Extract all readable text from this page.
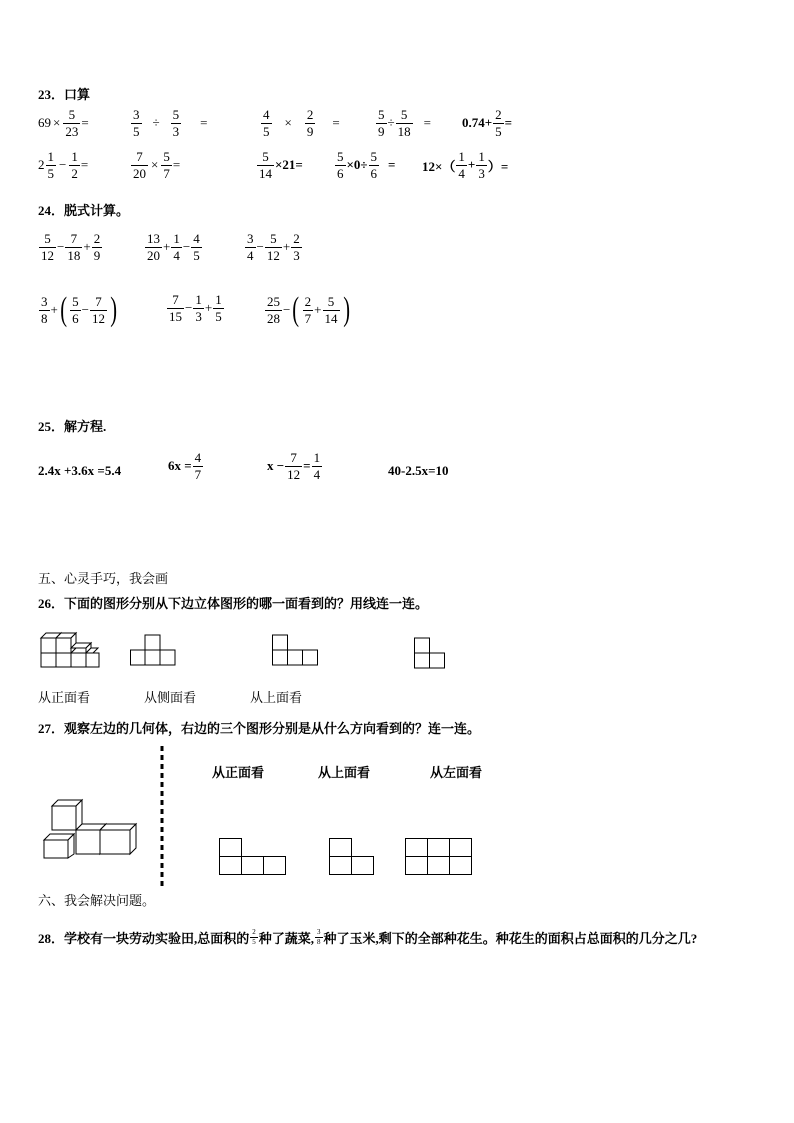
23．口算
$69 \times \frac{5}{23}$ =	$\frac{3}{5} \div \frac{5}{3}$ =	$\frac{4}{5} \times \frac{2}{9}$ =	$\frac{5}{9} \div \frac{5}{18} = 0.74+ \frac{2}{5}$ =
2
1
5
− $\frac{1}{2}$ =	$\frac{7}{20} \times \frac{5}{7}$ =	$\frac{5}{14} \times 21= \frac{5}{6} \times 0\div \frac{5}{6} = 12\times$（
1
4
+ $\frac{1}{3}$ ）=
24．脱式计算。
5
12
− $\frac{7}{18} + \frac{2}{9}$	13
20
+ $\frac{1}{4} - \frac{4}{5}$	3
4
− $\frac{5}{12} + \frac{2}{3}$
3
8
+ ( 5
6
− $\frac{7}{12}$ )	7
15
− $\frac{1}{3} + \frac{1}{5}$	25
28
− ( 2
7
+ $\frac{5}{14}$ )
25．解方程.
2.4x +3.6x =5.4	$6x = \frac{4}{7}$	$x - \frac{7}{12} = \frac{1}{4}$	40-2.5x=10
五、心灵手巧，我会画
26．下面的图形分别从下边立体图形的哪一面看到的？用线连一连。
从正面看	从侧面看	从上面看
27．观察左边的几何体，右边的三个图形分别是从什么方向看到的？连一连。
从正面看	从上面看	从左面看
六、我会解决问题。
28． 学校有一块劳动实验田,总面积的 2
5 种了蔬菜, 3
8 种了玉米,剩下的全部种花生。种花生的面积占总面积的几分之几?
